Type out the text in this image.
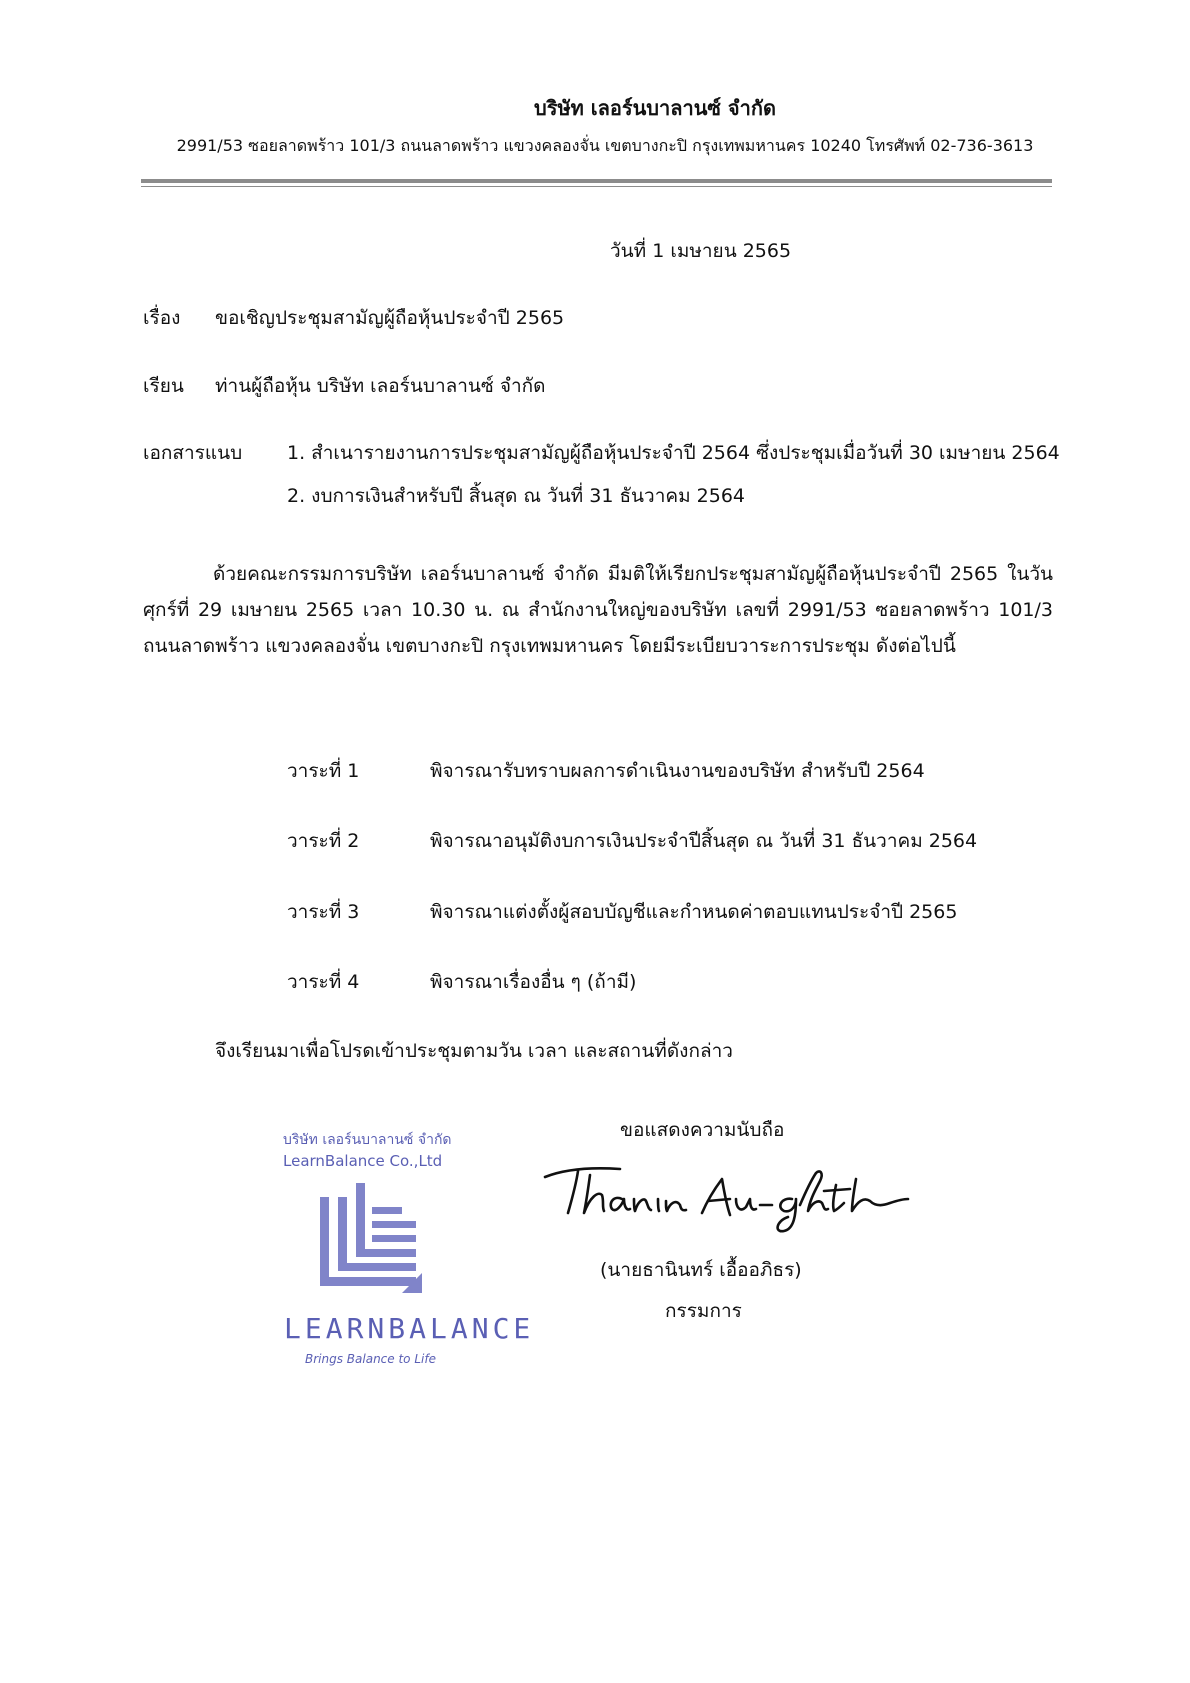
บริษัท เลอร์นบาลานซ์ จำกัด
2991/53 ซอยลาดพร้าว 101/3 ถนนลาดพร้าว แขวงคลองจั่น เขตบางกะปิ กรุงเทพมหานคร 10240 โทรศัพท์ 02-736-3613
วันที่ 1 เมษายน 2565
เรื่อง ขอเชิญประชุมสามัญผู้ถือหุ้นประจำปี 2565
เรียน ท่านผู้ถือหุ้น บริษัท เลอร์นบาลานซ์ จำกัด
เอกสารแนบ 1. สำเนารายงานการประชุมสามัญผู้ถือหุ้นประจำปี 2564 ซึ่งประชุมเมื่อวันที่ 30 เมษายน 2564
2. งบการเงินสำหรับปี สิ้นสุด ณ วันที่ 31 ธันวาคม 2564
ด้วยคณะกรรมการบริษัท เลอร์นบาลานซ์ จำกัด มีมติให้เรียกประชุมสามัญผู้ถือหุ้นประจำปี 2565 ในวันศุกร์ที่ 29 เมษายน 2565 เวลา 10.30 น. ณ สำนักงานใหญ่ของบริษัท เลขที่ 2991/53 ซอยลาดพร้าว 101/3 ถนนลาดพร้าว แขวงคลองจั่น เขตบางกะปิ กรุงเทพมหานคร โดยมีระเบียบวาระการประชุม ดังต่อไปนี้
วาระที่ 1	พิจารณารับทราบผลการดำเนินงานของบริษัท สำหรับปี 2564
วาระที่ 2	พิจารณาอนุมัติงบการเงินประจำปีสิ้นสุด ณ วันที่ 31 ธันวาคม 2564
วาระที่ 3	พิจารณาแต่งตั้งผู้สอบบัญชีและกำหนดค่าตอบแทนประจำปี 2565
วาระที่ 4	พิจารณาเรื่องอื่น ๆ (ถ้ามี)
จึงเรียนมาเพื่อโปรดเข้าประชุมตามวัน เวลา และสถานที่ดังกล่าว
ขอแสดงความนับถือ
(นายธานินทร์ เอื้ออภิธร)
กรรมการ
บริษัท เลอร์นบาลานซ์ จำกัด
LearnBalance Co.,Ltd
LEARNBALANCE
Brings Balance to Life
